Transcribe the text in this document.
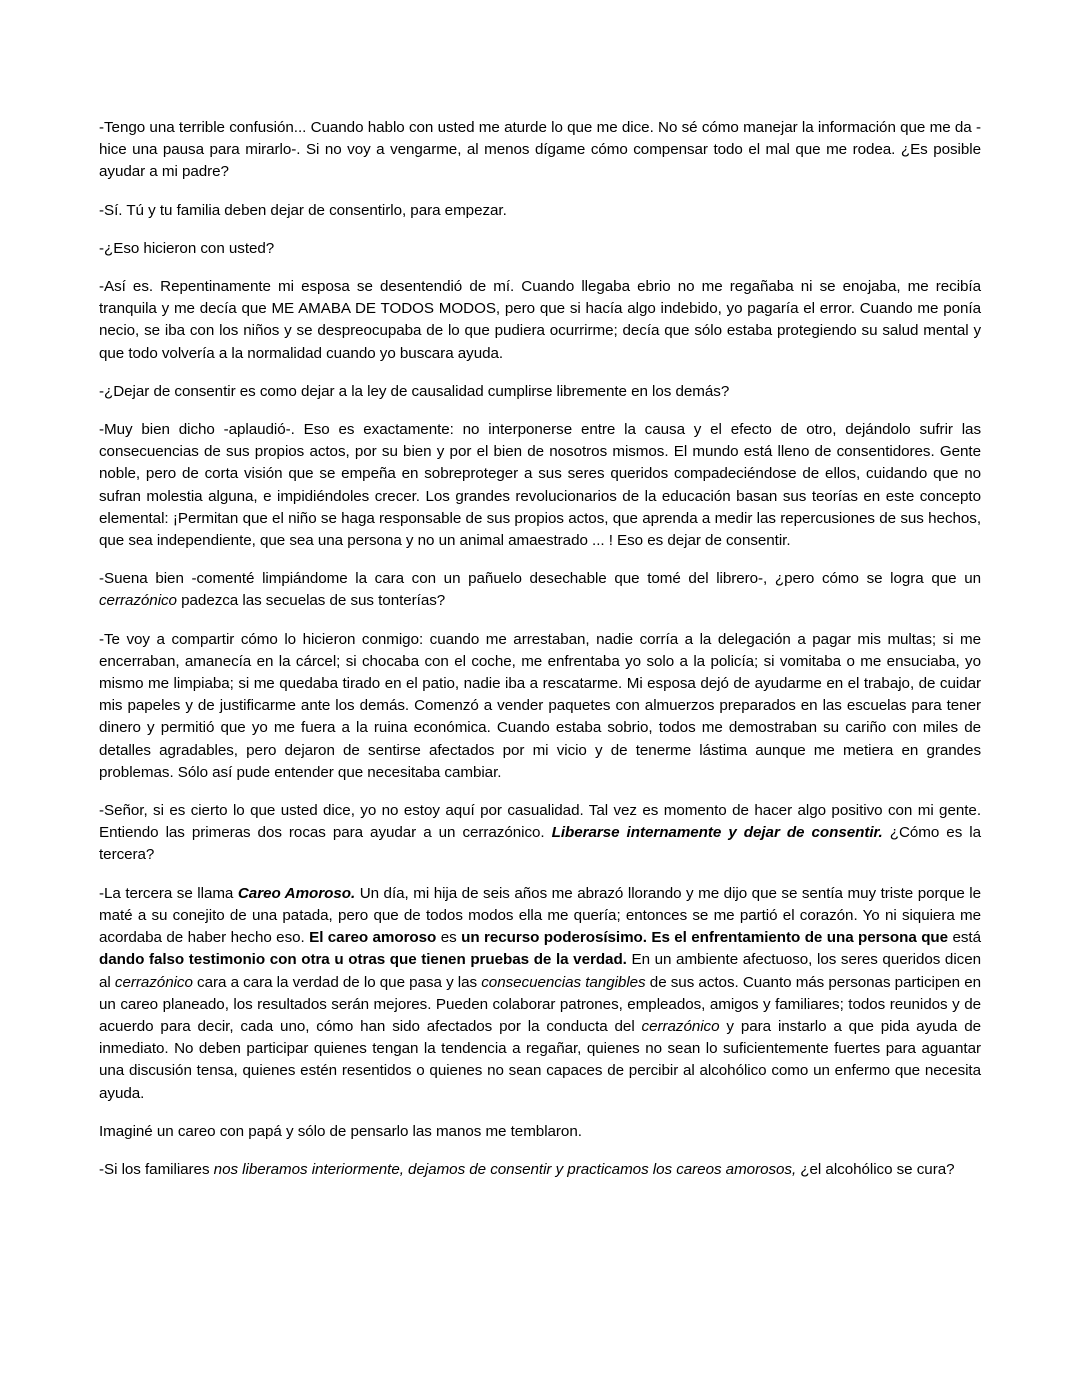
-Tengo una terrible confusión... Cuando hablo con usted me aturde lo que me dice. No sé cómo manejar la información que me da -hice una pausa para mirarlo-. Si no voy a vengarme, al menos dígame cómo compensar todo el mal que me rodea. ¿Es posible ayudar a mi padre?

-Sí. Tú y tu familia deben dejar de consentirlo, para empezar.

-¿Eso hicieron con usted?

-Así es. Repentinamente mi esposa se desentendió de mí. Cuando llegaba ebrio no me regañaba ni se enojaba, me recibía tranquila y me decía que ME AMABA DE TODOS MODOS, pero que si hacía algo indebido, yo pagaría el error. Cuando me ponía necio, se iba con los niños y se despreocupaba de lo que pudiera ocurrirme; decía que sólo estaba protegiendo su salud mental y que todo volvería a la normalidad cuando yo buscara ayuda.

-¿Dejar de consentir es como dejar a la ley de causalidad cumplirse libremente en los demás?

-Muy bien dicho -aplaudió-. Eso es exactamente: no interponerse entre la causa y el efecto de otro, dejándolo sufrir las consecuencias de sus propios actos, por su bien y por el bien de nosotros mismos. El mundo está lleno de consentidores. Gente noble, pero de corta visión que se empeña en sobreproteger a sus seres queridos compadeciéndose de ellos, cuidando que no sufran molestia alguna, e impidiéndoles crecer. Los grandes revolucionarios de la educación basan sus teorías en este concepto elemental: ¡Permitan que el niño se haga responsable de sus propios actos, que aprenda a medir las repercusiones de sus hechos, que sea independiente, que sea una persona y no un animal amaestrado ... ! Eso es dejar de consentir.

-Suena bien -comenté limpiándome la cara con un pañuelo desechable que tomé del librero-, ¿pero cómo se logra que un cerrazónico padezca las secuelas de sus tonterías?

-Te voy a compartir cómo lo hicieron conmigo: cuando me arrestaban, nadie corría a la delegación a pagar mis multas; si me encerraban, amanecía en la cárcel; si chocaba con el coche, me enfrentaba yo solo a la policía; si vomitaba o me ensuciaba, yo mismo me limpiaba; si me quedaba tirado en el patio, nadie iba a rescatarme. Mi esposa dejó de ayudarme en el trabajo, de cuidar mis papeles y de justificarme ante los demás. Comenzó a vender paquetes con almuerzos preparados en las escuelas para tener dinero y permitió que yo me fuera a la ruina económica. Cuando estaba sobrio, todos me demostraban su cariño con miles de detalles agradables, pero dejaron de sentirse afectados por mi vicio y de tenerme lástima aunque me metiera en grandes problemas. Sólo así pude entender que necesitaba cambiar.

-Señor, si es cierto lo que usted dice, yo no estoy aquí por casualidad. Tal vez es momento de hacer algo positivo con mi gente. Entiendo las primeras dos rocas para ayudar a un cerrazónico. Liberarse internamente y dejar de consentir. ¿Cómo es la tercera?

-La tercera se llama Careo Amoroso. Un día, mi hija de seis años me abrazó llorando y me dijo que se sentía muy triste porque le maté a su conejito de una patada, pero que de todos modos ella me quería; entonces se me partió el corazón. Yo ni siquiera me acordaba de haber hecho eso. El careo amoroso es un recurso poderosísimo. Es el enfrentamiento de una persona que está dando falso testimonio con otra u otras que tienen pruebas de la verdad. En un ambiente afectuoso, los seres queridos dicen al cerrazónico cara a cara la verdad de lo que pasa y las consecuencias tangibles de sus actos. Cuanto más personas participen en un careo planeado, los resultados serán mejores. Pueden colaborar patrones, empleados, amigos y familiares; todos reunidos y de acuerdo para decir, cada uno, cómo han sido afectados por la conducta del cerrazónico y para instarlo a que pida ayuda de inmediato. No deben participar quienes tengan la tendencia a regañar, quienes no sean lo suficientemente fuertes para aguantar una discusión tensa, quienes estén resentidos o quienes no sean capaces de percibir al alcohólico como un enfermo que necesita ayuda.

Imaginé un careo con papá y sólo de pensarlo las manos me temblaron.

-Si los familiares nos liberamos interiormente, dejamos de consentir y practicamos los careos amorosos, ¿el alcohólico se cura?
